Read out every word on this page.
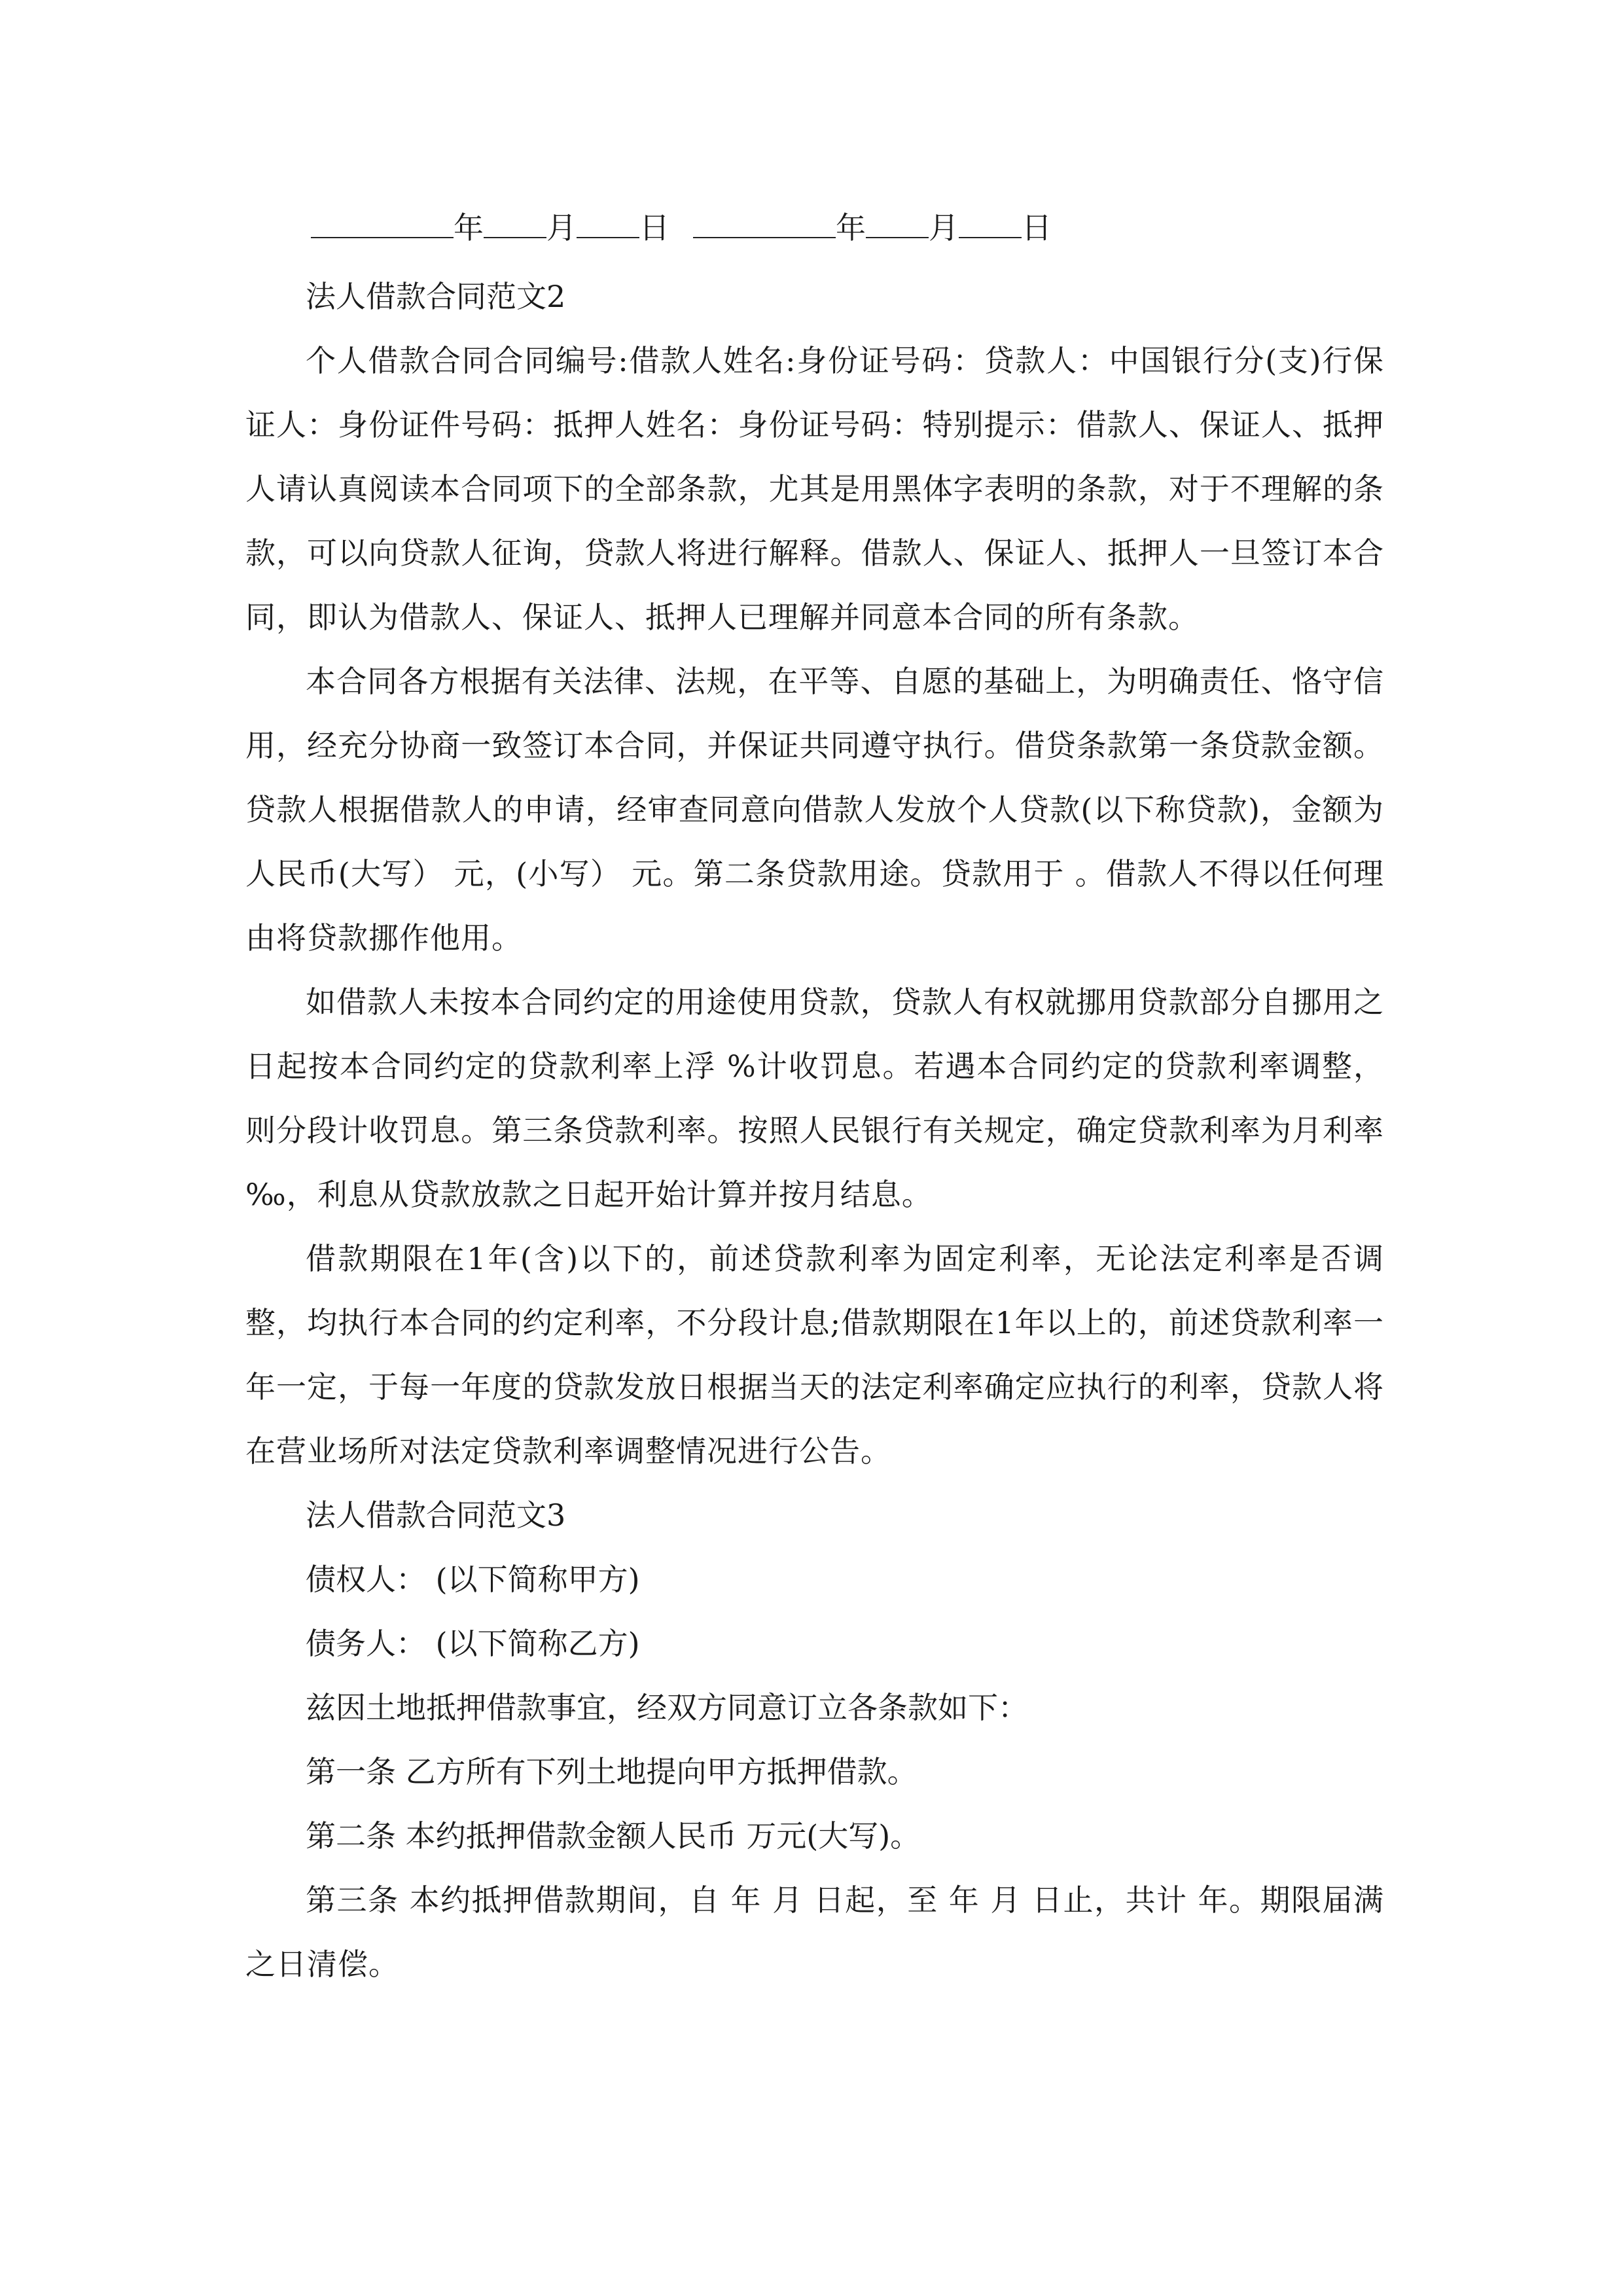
年 月 日	年 月 日

法人借款合同范文2

个人借款合同合同编号:借款人姓名:身份证号码：贷款人：中国银行分(支)行保证人：身份证件号码：抵押人姓名：身份证号码：特别提示：借款人、保证人、抵押人请认真阅读本合同项下的全部条款，尤其是用黑体字表明的条款，对于不理解的条款，可以向贷款人征询，贷款人将进行解释。借款人、保证人、抵押人一旦签订本合同，即认为借款人、保证人、抵押人已理解并同意本合同的所有条款。

本合同各方根据有关法律、法规，在平等、自愿的基础上，为明确责任、恪守信用，经充分协商一致签订本合同，并保证共同遵守执行。借贷条款第一条贷款金额。贷款人根据借款人的申请，经审查同意向借款人发放个人贷款(以下称贷款)，金额为人民币(大写） 元，(小写） 元。第二条贷款用途。贷款用于 。借款人不得以任何理由将贷款挪作他用。

如借款人未按本合同约定的用途使用贷款，贷款人有权就挪用贷款部分自挪用之日起按本合同约定的贷款利率上浮 %计收罚息。若遇本合同约定的贷款利率调整，则分段计收罚息。第三条贷款利率。按照人民银行有关规定，确定贷款利率为月利率 ‰，利息从贷款放款之日起开始计算并按月结息。

借款期限在1年(含)以下的，前述贷款利率为固定利率，无论法定利率是否调整，均执行本合同的约定利率，不分段计息;借款期限在1年以上的，前述贷款利率一年一定，于每一年度的贷款发放日根据当天的法定利率确定应执行的利率，贷款人将在营业场所对法定贷款利率调整情况进行公告。

法人借款合同范文3

债权人： (以下简称甲方)

债务人： (以下简称乙方)

兹因土地抵押借款事宜，经双方同意订立各条款如下：

第一条 乙方所有下列土地提向甲方抵押借款。

第二条 本约抵押借款金额人民币 万元(大写)。

第三条 本约抵押借款期间，自 年 月 日起，至 年 月 日止，共计 年。期限届满之日清偿。
